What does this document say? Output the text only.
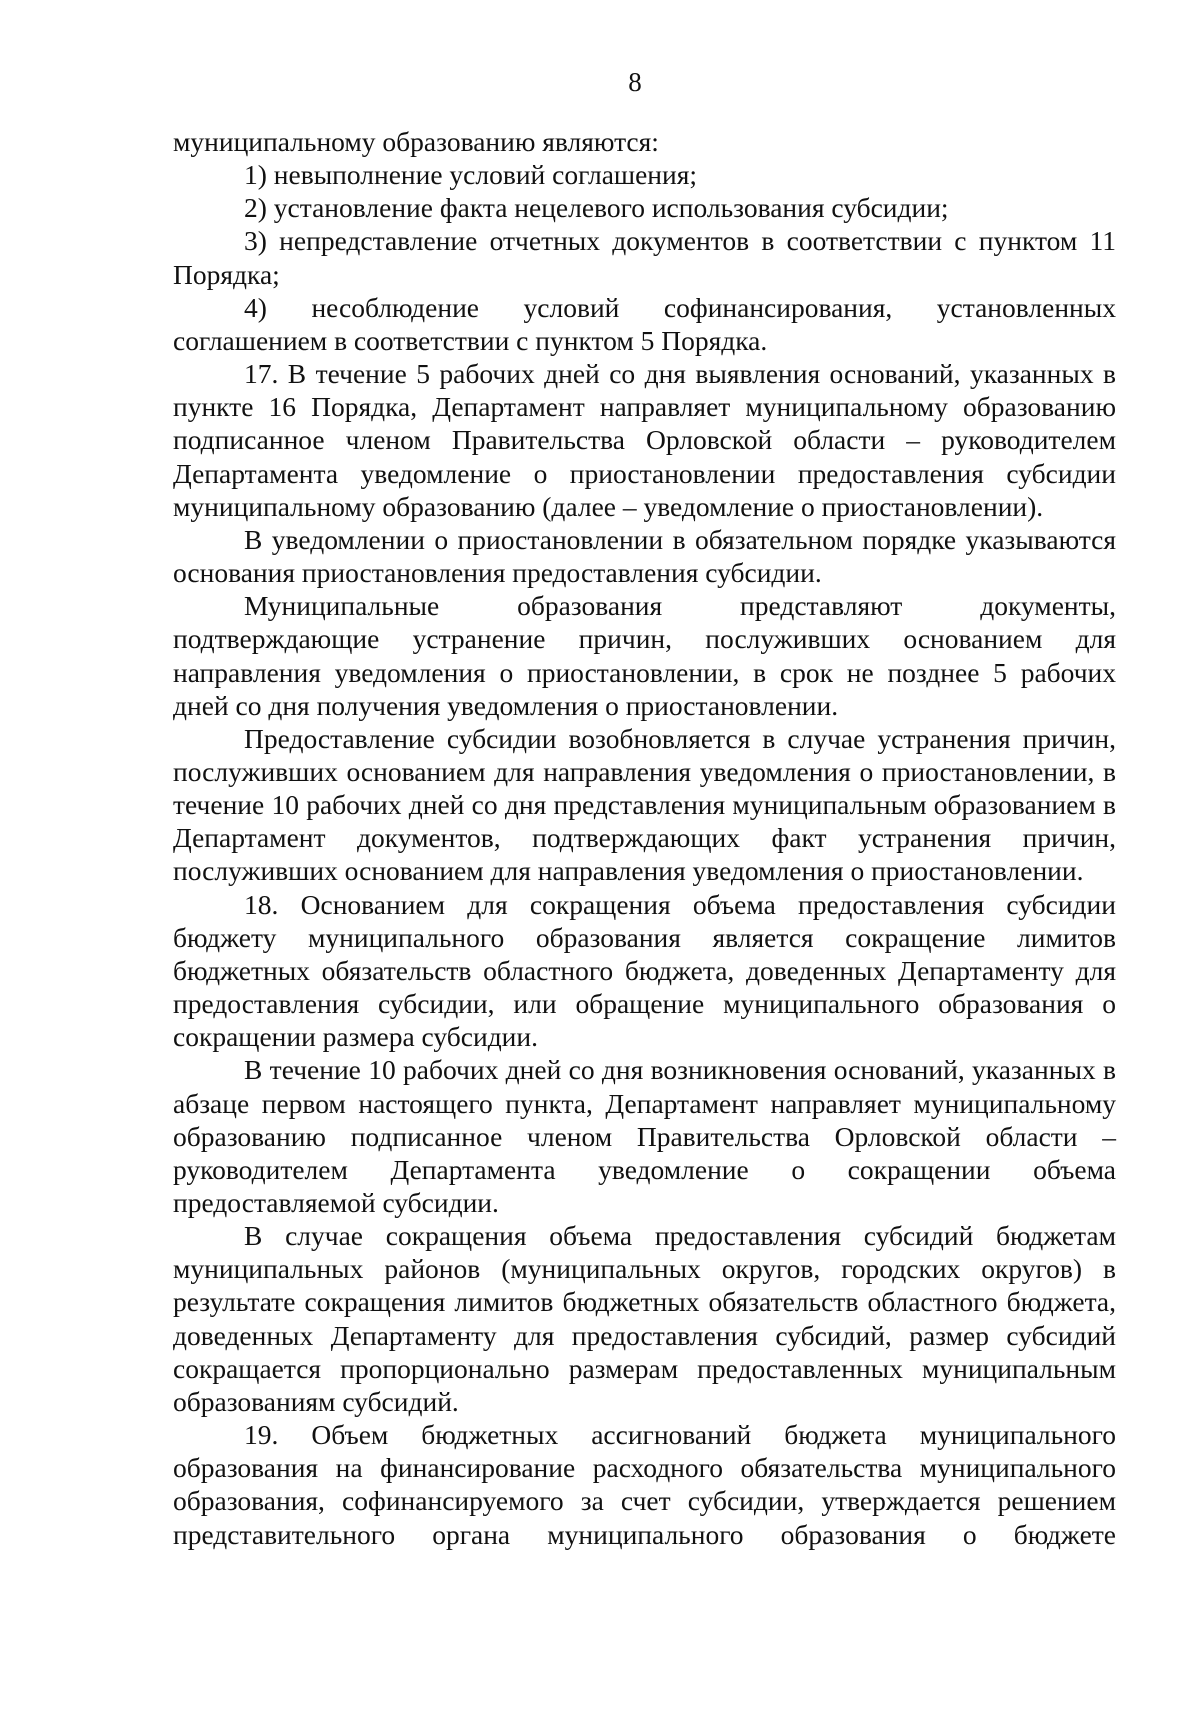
8

муниципальному образованию являются:

1) невыполнение условий соглашения;

2) установление факта нецелевого использования субсидии;

3) непредставление отчетных документов в соответствии с пунктом 11 Порядка;

4) несоблюдение условий софинансирования, установленных соглашением в соответствии с пунктом 5 Порядка.

17. В течение 5 рабочих дней со дня выявления оснований, указанных в пункте 16 Порядка, Департамент направляет муниципальному образованию подписанное членом Правительства Орловской области – руководителем Департамента уведомление о приостановлении предоставления субсидии муниципальному образованию (далее – уведомление о приостановлении).

В уведомлении о приостановлении в обязательном порядке указываются основания приостановления предоставления субсидии.

Муниципальные образования представляют документы, подтверждающие устранение причин, послуживших основанием для направления уведомления о приостановлении, в срок не позднее 5 рабочих дней со дня получения уведомления о приостановлении.

Предоставление субсидии возобновляется в случае устранения причин, послуживших основанием для направления уведомления о приостановлении, в течение 10 рабочих дней со дня представления муниципальным образованием в Департамент документов, подтверждающих факт устранения причин, послуживших основанием для направления уведомления о приостановлении.

18. Основанием для сокращения объема предоставления субсидии бюджету муниципального образования является сокращение лимитов бюджетных обязательств областного бюджета, доведенных Департаменту для предоставления субсидии, или обращение муниципального образования о сокращении размера субсидии.

В течение 10 рабочих дней со дня возникновения оснований, указанных в абзаце первом настоящего пункта, Департамент направляет муниципальному образованию подписанное членом Правительства Орловской области – руководителем Департамента уведомление о сокращении объема предоставляемой субсидии.

В случае сокращения объема предоставления субсидий бюджетам муниципальных районов (муниципальных округов, городских округов) в результате сокращения лимитов бюджетных обязательств областного бюджета, доведенных Департаменту для предоставления субсидий, размер субсидий сокращается пропорционально размерам предоставленных муниципальным образованиям субсидий.

19. Объем бюджетных ассигнований бюджета муниципального образования на финансирование расходного обязательства муниципального образования, софинансируемого за счет субсидии, утверждается решением представительного органа муниципального образования о бюджете
